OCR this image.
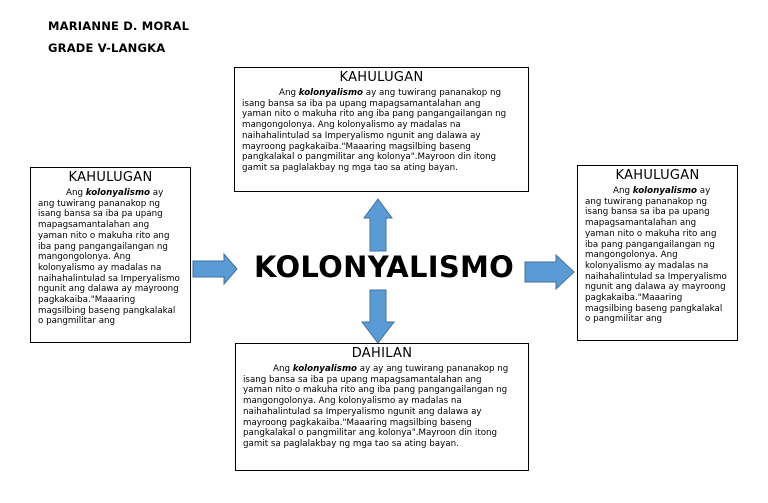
MARIANNE D. MORAL
GRADE V-LANGKA
KAHULUGAN
Ang kolonyalismo ay ang tuwirang pananakop ng
isang bansa sa iba pa upang mapagsamantalahan ang
yaman nito o makuha rito ang iba pang pangangailangan ng
mangongolonya. Ang kolonyalismo ay madalas na
naihahalintulad sa Imperyalismo ngunit ang dalawa ay
mayroong pagkakaiba."Maaaring magsilbing baseng
pangkalakal o pangmilitar ang kolonya".Mayroon din itong
gamit sa paglalakbay ng mga tao sa ating bayan.
KAHULUGAN
Ang kolonyalismo ay
ang tuwirang pananakop ng
isang bansa sa iba pa upang
mapagsamantalahan ang
yaman nito o makuha rito ang
iba pang pangangailangan ng
mangongolonya. Ang
kolonyalismo ay madalas na
naihahalintulad sa Imperyalismo
ngunit ang dalawa ay mayroong
pagkakaiba."Maaaring
magsilbing baseng pangkalakal
o pangmilitar ang
KAHULUGAN
Ang kolonyalismo ay
ang tuwirang pananakop ng
isang bansa sa iba pa upang
mapagsamantalahan ang
yaman nito o makuha rito ang
iba pang pangangailangan ng
mangongolonya. Ang
kolonyalismo ay madalas na
naihahalintulad sa Imperyalismo
ngunit ang dalawa ay mayroong
pagkakaiba."Maaaring
magsilbing baseng pangkalakal
o pangmilitar ang
DAHILAN
Ang kolonyalismo ay ay ang tuwirang pananakop ng
isang bansa sa iba pa upang mapagsamantalahan ang
yaman nito o makuha rito ang iba pang pangangailangan ng
mangongolonya. Ang kolonyalismo ay madalas na
naihahalintulad sa Imperyalismo ngunit ang dalawa ay
mayroong pagkakaiba."Maaaring magsilbing baseng
pangkalakal o pangmilitar ang kolonya".Mayroon din itong
gamit sa paglalakbay ng mga tao sa ating bayan.
KOLONYALISMO
